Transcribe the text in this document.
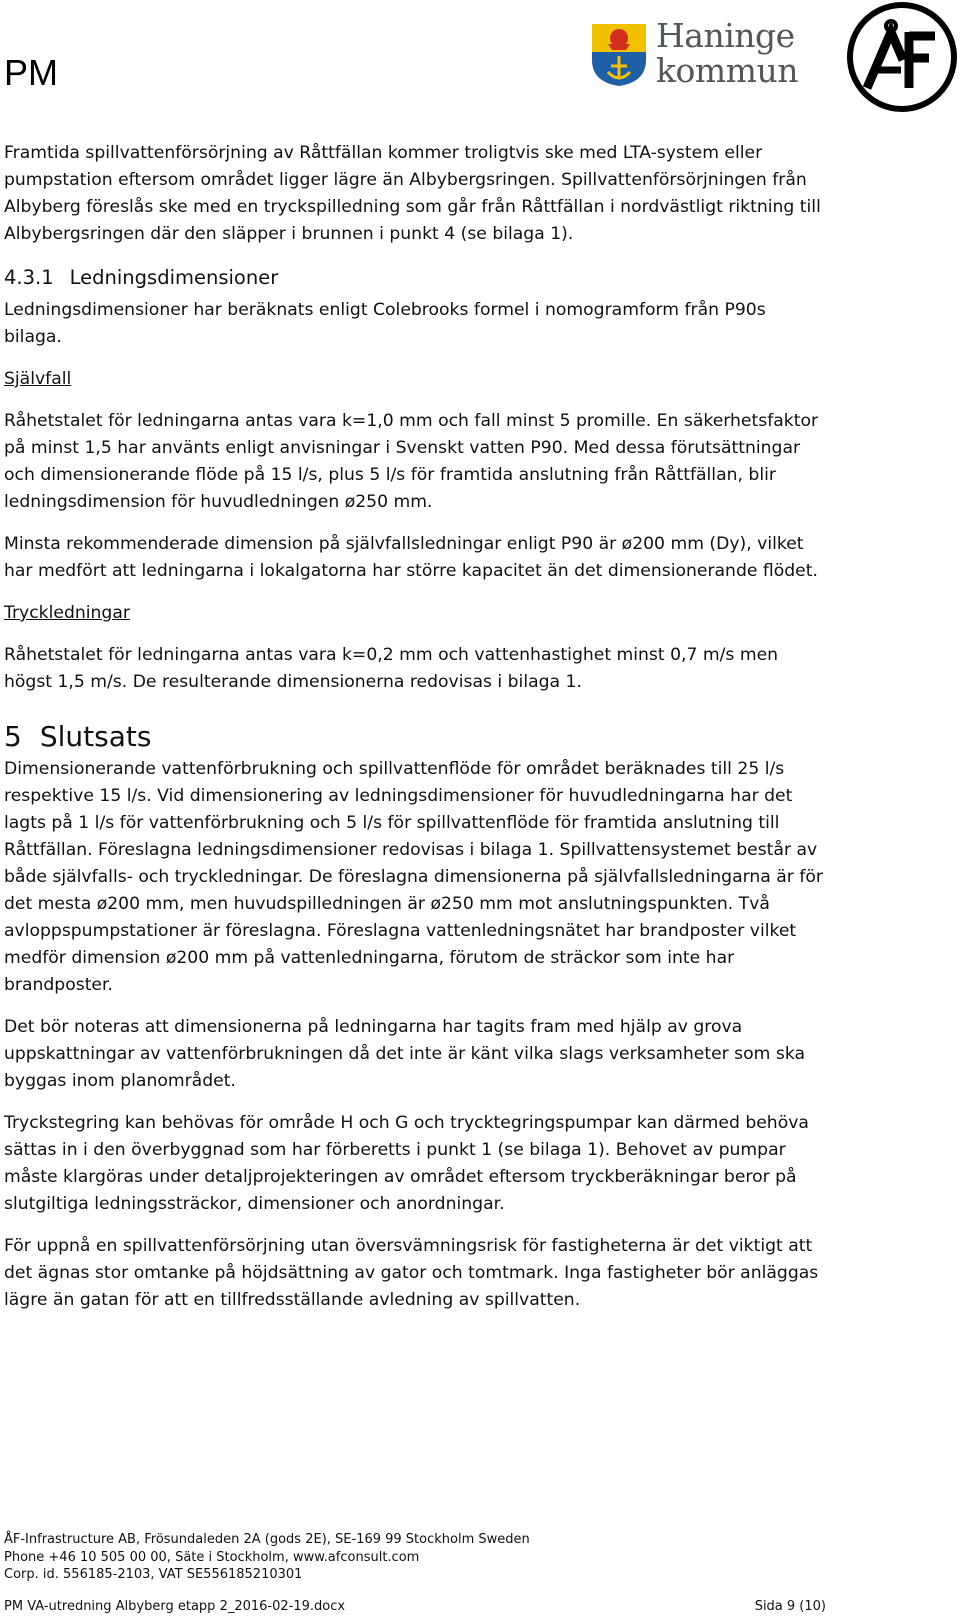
PM
Haninge
kommun

Framtida spillvattenförsörjning av Råttfällan kommer troligtvis ske med LTA-system eller pumpstation eftersom området ligger lägre än Albybergsringen. Spillvattenförsörjningen från Albyberg föreslås ske med en tryckspilledning som går från Råttfällan i nordvästligt riktning till Albybergsringen där den släpper i brunnen i punkt 4 (se bilaga 1).

4.3.1 Ledningsdimensioner

Ledningsdimensioner har beräknats enligt Colebrooks formel i nomogramform från P90s bilaga.

Självfall

Råhetstalet för ledningarna antas vara k=1,0 mm och fall minst 5 promille. En säkerhetsfaktor på minst 1,5 har använts enligt anvisningar i Svenskt vatten P90. Med dessa förutsättningar och dimensionerande flöde på 15 l/s, plus 5 l/s för framtida anslutning från Råttfällan, blir ledningsdimension för huvudledningen ø250 mm.

Minsta rekommenderade dimension på självfallsledningar enligt P90 är ø200 mm (Dy), vilket har medfört att ledningarna i lokalgatorna har större kapacitet än det dimensionerande flödet.

Tryckledningar

Råhetstalet för ledningarna antas vara k=0,2 mm och vattenhastighet minst 0,7 m/s men högst 1,5 m/s. De resulterande dimensionerna redovisas i bilaga 1.

5 Slutsats

Dimensionerande vattenförbrukning och spillvattenflöde för området beräknades till 25 l/s respektive 15 l/s. Vid dimensionering av ledningsdimensioner för huvudledningarna har det lagts på 1 l/s för vattenförbrukning och 5 l/s för spillvattenflöde för framtida anslutning till Råttfällan. Föreslagna ledningsdimensioner redovisas i bilaga 1. Spillvattensystemet består av både självfalls- och tryckledningar. De föreslagna dimensionerna på självfallsledningarna är för det mesta ø200 mm, men huvudspilledningen är ø250 mm mot anslutningspunkten. Två avloppspumpstationer är föreslagna. Föreslagna vattenledningsnätet har brandposter vilket medför dimension ø200 mm på vattenledningarna, förutom de sträckor som inte har brandposter.

Det bör noteras att dimensionerna på ledningarna har tagits fram med hjälp av grova uppskattningar av vattenförbrukningen då det inte är känt vilka slags verksamheter som ska byggas inom planområdet.

Tryckstegring kan behövas för område H och G och trycktegringspumpar kan därmed behöva sättas in i den överbyggnad som har förberetts i punkt 1 (se bilaga 1). Behovet av pumpar måste klargöras under detaljprojekteringen av området eftersom tryckberäkningar beror på slutgiltiga ledningssträckor, dimensioner och anordningar.

För uppnå en spillvattenförsörjning utan översvämningsrisk för fastigheterna är det viktigt att det ägnas stor omtanke på höjdsättning av gator och tomtmark. Inga fastigheter bör anläggas lägre än gatan för att en tillfredsställande avledning av spillvatten.

ÅF-Infrastructure AB, Frösundaleden 2A (gods 2E), SE-169 99 Stockholm Sweden
Phone +46 10 505 00 00, Säte i Stockholm, www.afconsult.com
Corp. id. 556185-2103, VAT SE556185210301
PM VA-utredning Albyberg etapp 2_2016-02-19.docx	Sida 9 (10)
